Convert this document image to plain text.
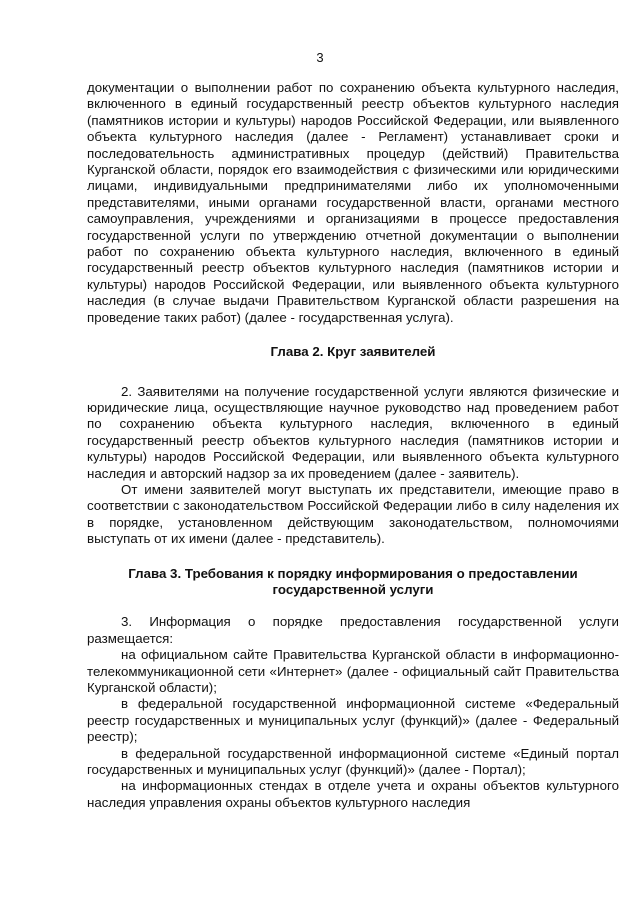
3

документации о выполнении работ по сохранению объекта культурного наследия, включенного в единый государственный реестр объектов культурного наследия (памятников истории и культуры) народов Российской Федерации, или выявленного объекта культурного наследия (далее - Регламент) устанавливает сроки и последовательность административных процедур (действий) Правительства Курганской области, порядок его взаимодействия с физическими или юридическими лицами, индивидуальными предпринимателями либо их уполномоченными представителями, иными органами государственной власти, органами местного самоуправления, учреждениями и организациями в процессе предоставления государственной услуги по утверждению отчетной документации о выполнении работ по сохранению объекта культурного наследия, включенного в единый государственный реестр объектов культурного наследия (памятников истории и культуры) народов Российской Федерации, или выявленного объекта культурного наследия (в случае выдачи Правительством Курганской области разрешения на проведение таких работ) (далее - государственная услуга).

Глава 2. Круг заявителей

2. Заявителями на получение государственной услуги являются физические и юридические лица, осуществляющие научное руководство над проведением работ по сохранению объекта культурного наследия, включенного в единый государственный реестр объектов культурного наследия (памятников истории и культуры) народов Российской Федерации, или выявленного объекта культурного наследия и авторский надзор за их проведением (далее - заявитель).

От имени заявителей могут выступать их представители, имеющие право в соответствии с законодательством Российской Федерации либо в силу наделения их в порядке, установленном действующим законодательством, полномочиями выступать от их имени (далее - представитель).

Глава 3. Требования к порядку информирования о предоставлении

государственной услуги

3. Информация о порядке предоставления государственной услуги размещается:

на официальном сайте Правительства Курганской области в информационно-телекоммуникационной сети «Интернет» (далее - официальный сайт Правительства Курганской области);

в федеральной государственной информационной системе «Федеральный реестр государственных и муниципальных услуг (функций)» (далее - Федеральный реестр);

в федеральной государственной информационной системе «Единый портал государственных и муниципальных услуг (функций)» (далее - Портал);

на информационных стендах в отделе учета и охраны объектов культурного наследия управления охраны объектов культурного наследия
